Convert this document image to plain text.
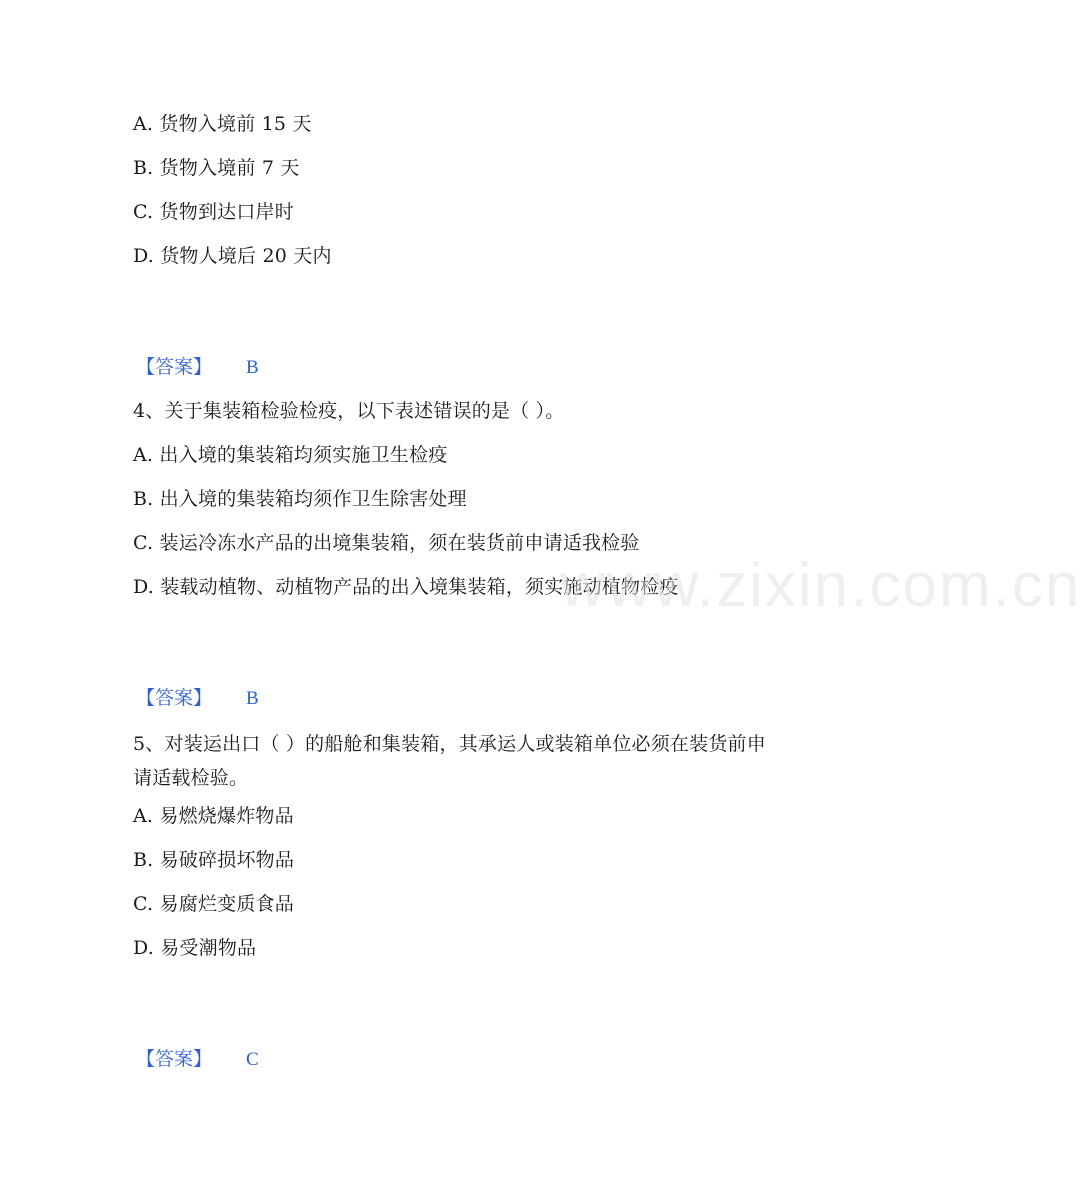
A. 货物入境前 15 天
B. 货物入境前 7 天
C. 货物到达口岸时
D. 货物人境后 20 天内
【答案】 B
4、关于集装箱检验检疫，以下表述错误的是（ ）。
A. 出入境的集装箱均须实施卫生检疫
B. 出入境的集装箱均须作卫生除害处理
C. 装运冷冻水产品的出境集装箱，须在装货前申请适我检验
D. 装载动植物、动植物产品的出入境集装箱，须实施动植物检疫
【答案】 B
5、对装运出口（ ）的船舱和集装箱，其承运人或装箱单位必须在装货前申请适载检验。
A. 易燃烧爆炸物品
B. 易破碎损坏物品
C. 易腐烂变质食品
D. 易受潮物品
【答案】 C
www.zixin.com.cn
